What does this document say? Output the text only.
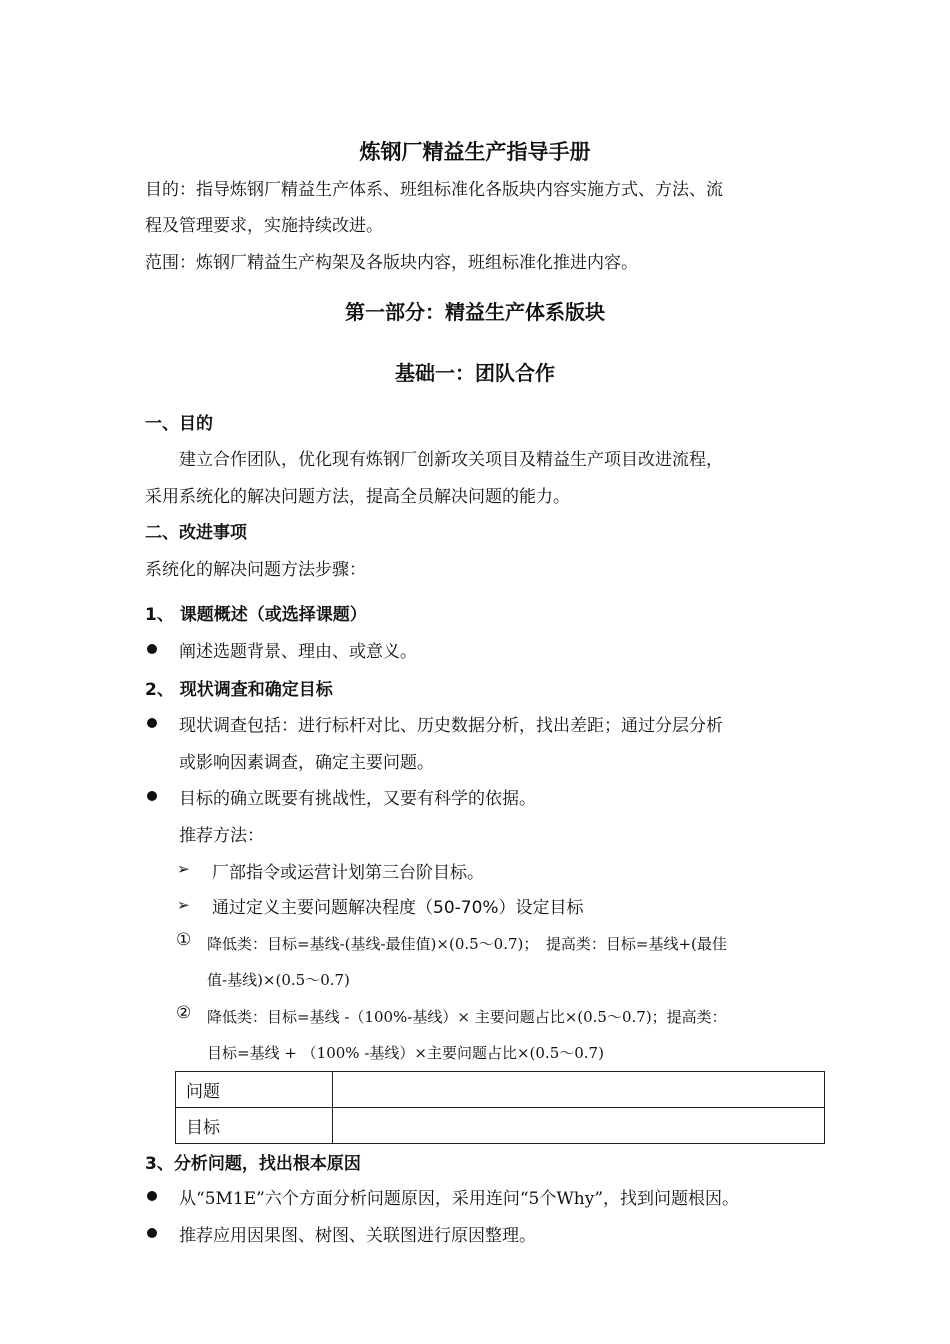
炼钢厂精益生产指导手册
目的：指导炼钢厂精益生产体系、班组标准化各版块内容实施方式、方法、流
程及管理要求，实施持续改进。
范围：炼钢厂精益生产构架及各版块内容，班组标准化推进内容。
第一部分：精益生产体系版块
基础一：团队合作
一、目的
建立合作团队，优化现有炼钢厂创新攻关项目及精益生产项目改进流程，
采用系统化的解决问题方法，提高全员解决问题的能力。
二、改进事项
系统化的解决问题方法步骤：
1、 课题概述（或选择课题）
阐述选题背景、理由、或意义。
2、 现状调查和确定目标
现状调查包括：进行标杆对比、历史数据分析，找出差距；通过分层分析
或影响因素调查，确定主要问题。
目标的确立既要有挑战性，又要有科学的依据。
推荐方法：
➢ 厂部指令或运营计划第三台阶目标。
➢ 通过定义主要问题解决程度（50-70%）设定目标
① 降低类：目标=基线-(基线-最佳值)×(0.5～0.7)；　提高类：目标=基线+(最佳
值-基线)×(0.5～0.7)
② 降低类：目标=基线 -（100%-基线）× 主要问题占比×(0.5～0.7)；提高类：
目标=基线 + （100% -基线）×主要问题占比×(0.5～0.7)
问题	
目标	
3、分析问题，找出根本原因
从“5M1E”六个方面分析问题原因，采用连问“5个Why”，找到问题根因。
推荐应用因果图、树图、关联图进行原因整理。
